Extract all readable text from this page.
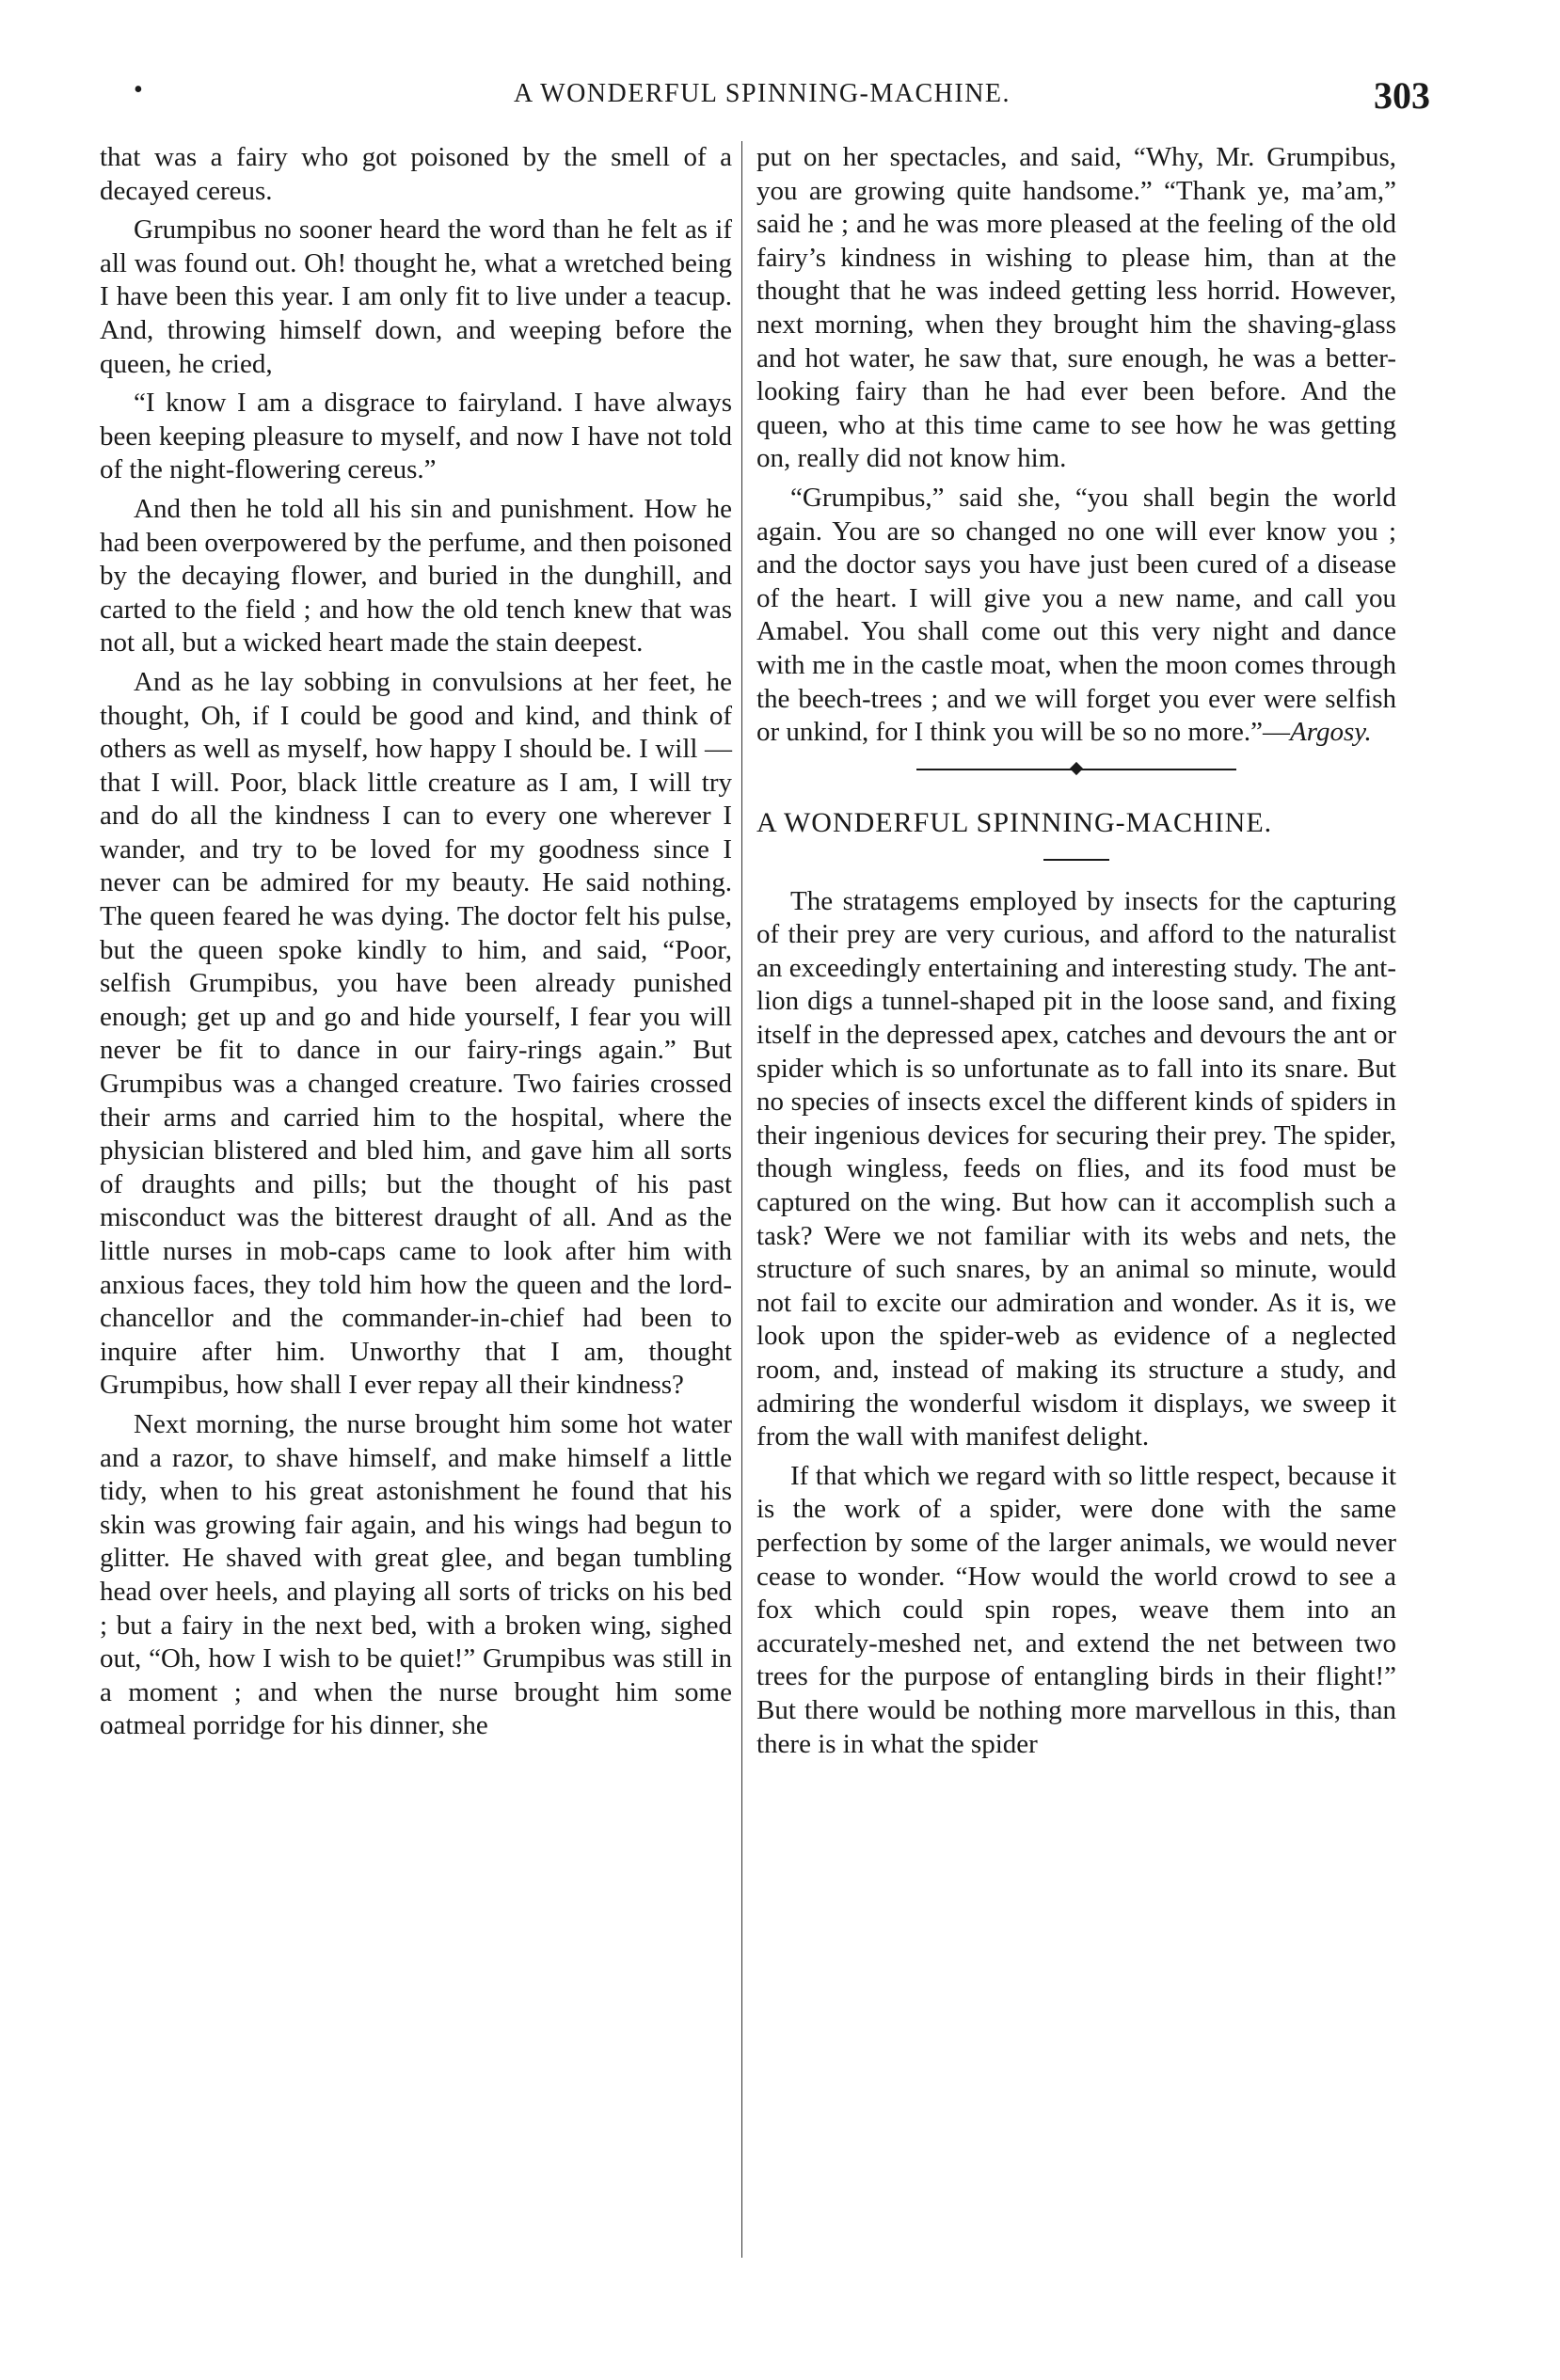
•	A WONDERFUL SPINNING-MACHINE.	303

that was a fairy who got poisoned by the smell of a decayed cereus.

Grumpibus no sooner heard the word than he felt as if all was found out. Oh! thought he, what a wretched being I have been this year. I am only fit to live under a teacup. And, throwing himself down, and weeping before the queen, he cried,

“I know I am a disgrace to fairyland. I have always been keeping pleasure to myself, and now I have not told of the night-flowering cereus.”

And then he told all his sin and punishment. How he had been overpowered by the perfume, and then poisoned by the decaying flower, and buried in the dunghill, and carted to the field ; and how the old tench knew that was not all, but a wicked heart made the stain deepest.

And as he lay sobbing in convulsions at her feet, he thought, Oh, if I could be good and kind, and think of others as well as myself, how happy I should be. I will —that I will. Poor, black little creature as I am, I will try and do all the kindness I can to every one wherever I wander, and try to be loved for my goodness since I never can be admired for my beauty. He said nothing. The queen feared he was dying. The doctor felt his pulse, but the queen spoke kindly to him, and said, “Poor, selfish Grumpibus, you have been already punished enough; get up and go and hide yourself, I fear you will never be fit to dance in our fairy-rings again.” But Grumpibus was a changed creature. Two fairies crossed their arms and carried him to the hospital, where the physician blistered and bled him, and gave him all sorts of draughts and pills; but the thought of his past misconduct was the bitterest draught of all. And as the little nurses in mob-caps came to look after him with anxious faces, they told him how the queen and the lord-chancellor and the commander-in-chief had been to inquire after him. Unworthy that I am, thought Grumpibus, how shall I ever repay all their kindness?

Next morning, the nurse brought him some hot water and a razor, to shave himself, and make himself a little tidy, when to his great astonishment he found that his skin was growing fair again, and his wings had begun to glitter. He shaved with great glee, and began tumbling head over heels, and playing all sorts of tricks on his bed ; but a fairy in the next bed, with a broken wing, sighed out, “Oh, how I wish to be quiet!” Grumpibus was still in a moment ; and when the nurse brought him some oatmeal porridge for his dinner, she

put on her spectacles, and said, “Why, Mr. Grumpibus, you are growing quite handsome.” “Thank ye, ma’am,” said he ; and he was more pleased at the feeling of the old fairy’s kindness in wishing to please him, than at the thought that he was indeed getting less horrid. However, next morning, when they brought him the shaving-glass and hot water, he saw that, sure enough, he was a better-looking fairy than he had ever been before. And the queen, who at this time came to see how he was getting on, really did not know him.

“Grumpibus,” said she, “you shall begin the world again. You are so changed no one will ever know you ; and the doctor says you have just been cured of a disease of the heart. I will give you a new name, and call you Amabel. You shall come out this very night and dance with me in the castle moat, when the moon comes through the beech-trees ; and we will forget you ever were selfish or unkind, for I think you will be so no more.”—Argosy.

A WONDERFUL SPINNING-MACHINE.

The stratagems employed by insects for the capturing of their prey are very curious, and afford to the naturalist an exceedingly entertaining and interesting study. The ant-lion digs a tunnel-shaped pit in the loose sand, and fixing itself in the depressed apex, catches and devours the ant or spider which is so unfortunate as to fall into its snare. But no species of insects excel the different kinds of spiders in their ingenious devices for securing their prey. The spider, though wingless, feeds on flies, and its food must be captured on the wing. But how can it accomplish such a task? Were we not familiar with its webs and nets, the structure of such snares, by an animal so minute, would not fail to excite our admiration and wonder. As it is, we look upon the spider-web as evidence of a neglected room, and, instead of making its structure a study, and admiring the wonderful wisdom it displays, we sweep it from the wall with manifest delight.

If that which we regard with so little respect, because it is the work of a spider, were done with the same perfection by some of the larger animals, we would never cease to wonder. “How would the world crowd to see a fox which could spin ropes, weave them into an accurately-meshed net, and extend the net between two trees for the purpose of entangling birds in their flight!” But there would be nothing more marvellous in this, than there is in what the spider
